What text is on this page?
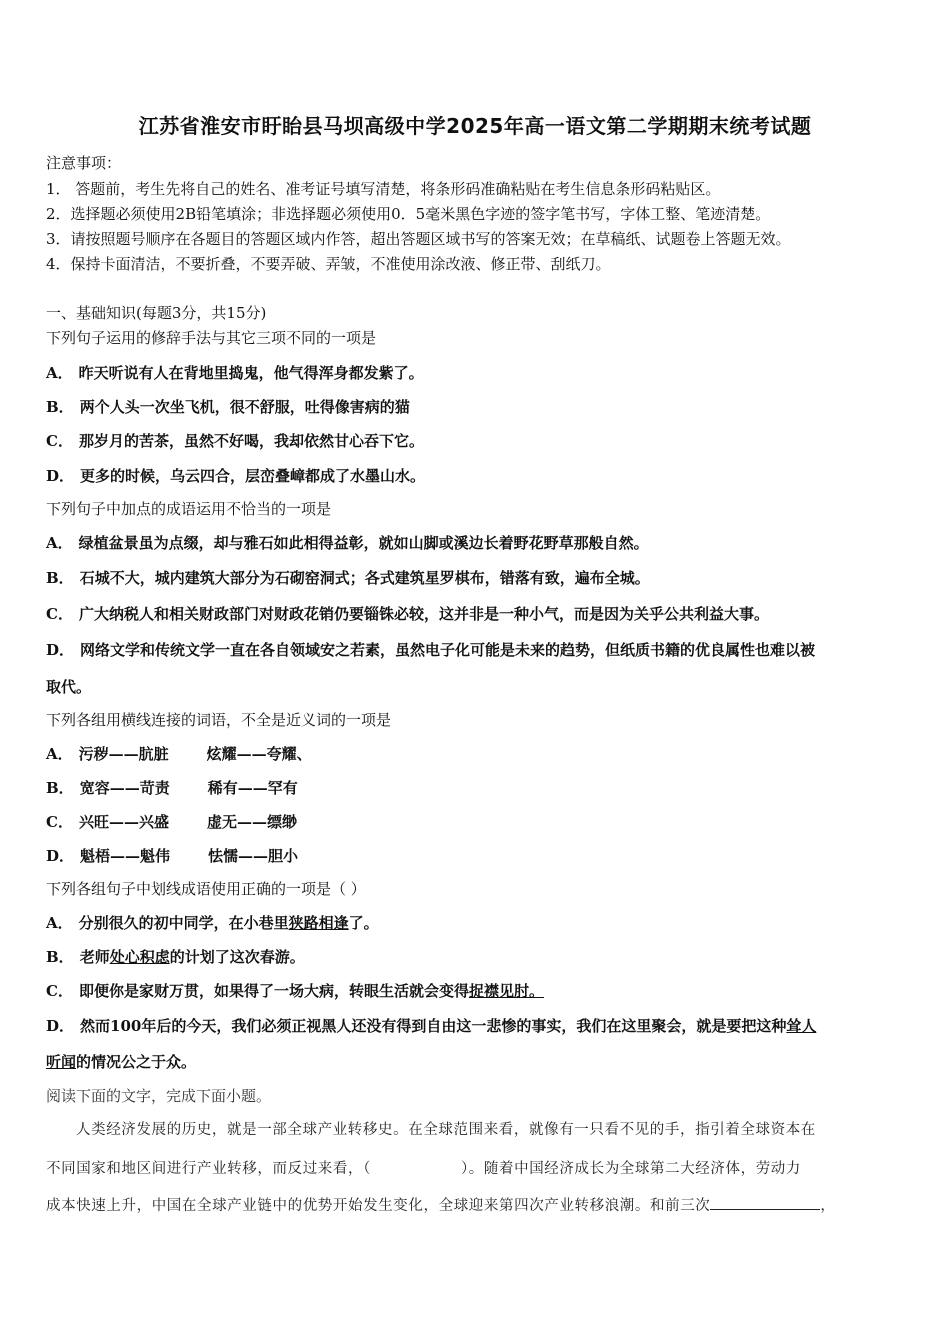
江苏省淮安市盱眙县马坝高级中学2025年高一语文第二学期期末统考试题
注意事项：
1． 答题前，考生先将自己的姓名、准考证号填写清楚，将条形码准确粘贴在考生信息条形码粘贴区。
2．选择题必须使用2B铅笔填涂；非选择题必须使用0．5毫米黑色字迹的签字笔书写，字体工整、笔迹清楚。
3．请按照题号顺序在各题目的答题区域内作答，超出答题区域书写的答案无效；在草稿纸、试题卷上答题无效。
4．保持卡面清洁，不要折叠，不要弄破、弄皱，不准使用涂改液、修正带、刮纸刀。
一、基础知识(每题3分，共15分)
下列句子运用的修辞手法与其它三项不同的一项是
A． 昨天听说有人在背地里捣鬼，他气得浑身都发紫了。
B． 两个人头一次坐飞机，很不舒服，吐得像害病的猫
C． 那岁月的苦茶，虽然不好喝，我却依然甘心吞下它。
D． 更多的时候，乌云四合，层峦叠嶂都成了水墨山水。
下列句子中加点的成语运用不恰当的一项是
A． 绿植盆景虽为点缀，却与雅石如此相得益彰，就如山脚或溪边长着野花野草那般自然。
B． 石城不大，城内建筑大部分为石砌窑洞式；各式建筑星罗棋布，错落有致，遍布全城。
C． 广大纳税人和相关财政部门对财政花销仍要锱铢必较，这并非是一种小气，而是因为关乎公共利益大事。
D． 网络文学和传统文学一直在各自领域安之若素，虽然电子化可能是未来的趋势，但纸质书籍的优良属性也难以被
取代。
下列各组用横线连接的词语，不全是近义词的一项是
A． 污秽——肮脏	炫耀——夸耀、
B． 宽容——苛责	稀有——罕有
C． 兴旺——兴盛	虚无——缥缈
D． 魁梧——魁伟	怯懦——胆小
下列各组句子中划线成语使用正确的一项是（ ）
A． 分别很久的初中同学，在小巷里狭路相逢了。
B． 老师处心积虑的计划了这次春游。
C． 即便你是家财万贯，如果得了一场大病，转眼生活就会变得捉襟见肘。
D． 然而100年后的今天，我们必须正视黑人还没有得到自由这一悲惨的事实，我们在这里聚会，就是要把这种耸人
听闻的情况公之于众。
阅读下面的文字，完成下面小题。
人类经济发展的历史，就是一部全球产业转移史。在全球范围来看，就像有一只看不见的手，指引着全球资本在
不同国家和地区间进行产业转移，而反过来看，（	）。随着中国经济成长为全球第二大经济体，劳动力
成本快速上升，中国在全球产业链中的优势开始发生变化，全球迎来第四次产业转移浪潮。和前三次	，
